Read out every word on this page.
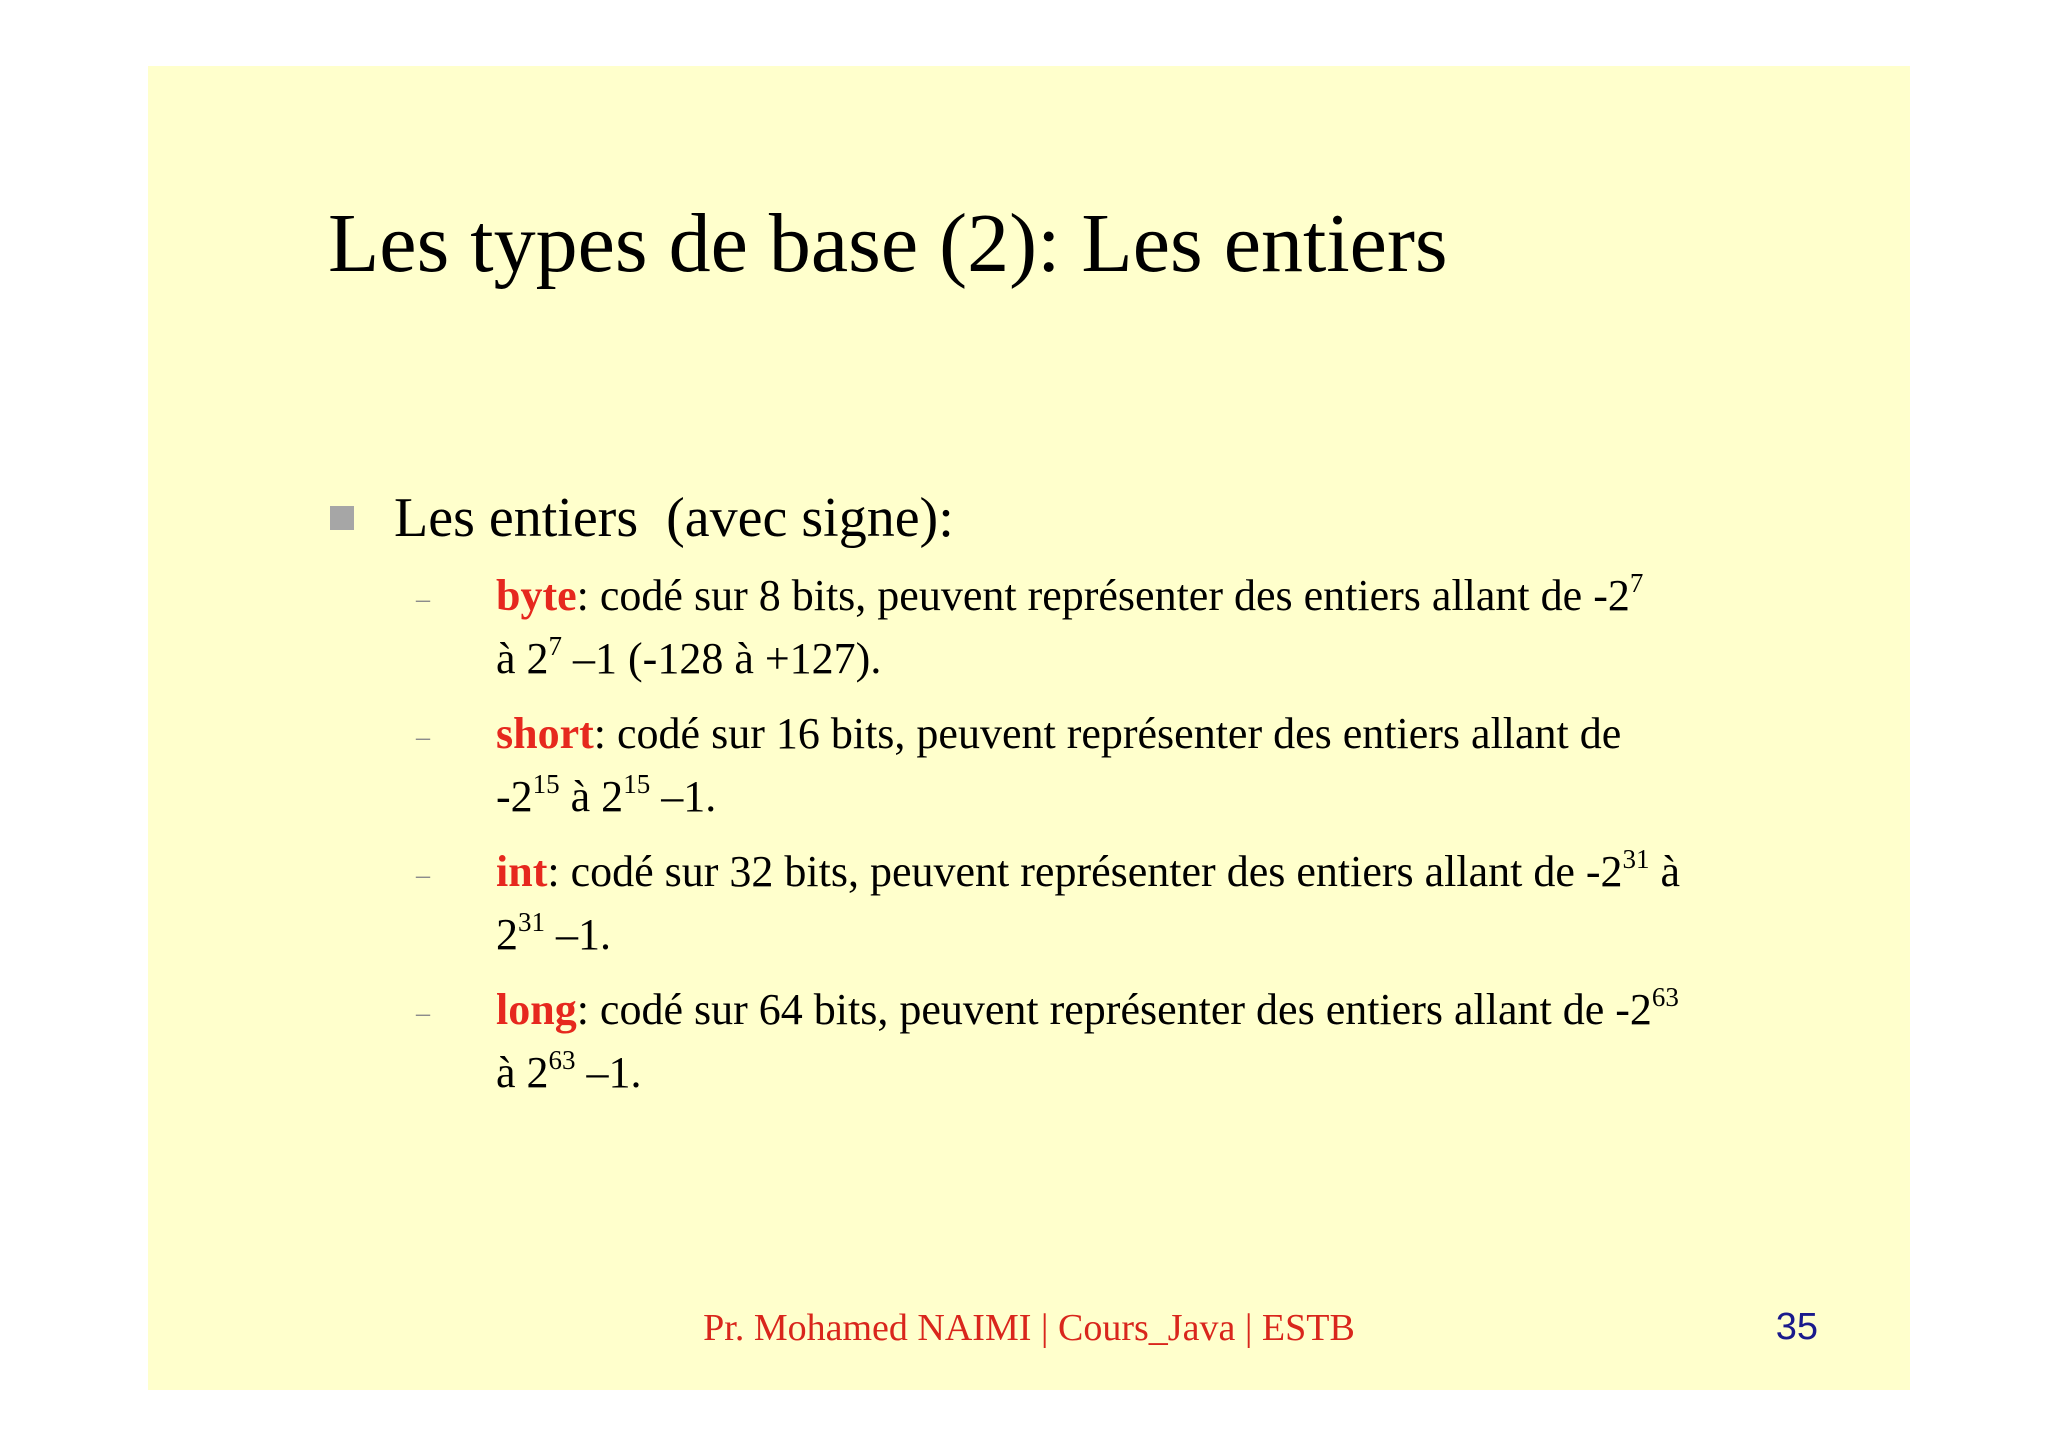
Les types de base (2): Les entiers
Les entiers  (avec signe):
– byte: codé sur 8 bits, peuvent représenter des entiers allant de $-2^7$
à $2^7$ –1 (-128 à +127).
– short: codé sur 16 bits, peuvent représenter des entiers allant de
$-2^{15}$ à $2^{15}$ –1.
– int: codé sur 32 bits, peuvent représenter des entiers allant de $-2^{31}$ à
$2^{31}$ –1.
– long: codé sur 64 bits, peuvent représenter des entiers allant de $-2^{63}$
à $2^{63}$ –1.
Pr. Mohamed NAIMI | Cours_Java | ESTB	35
